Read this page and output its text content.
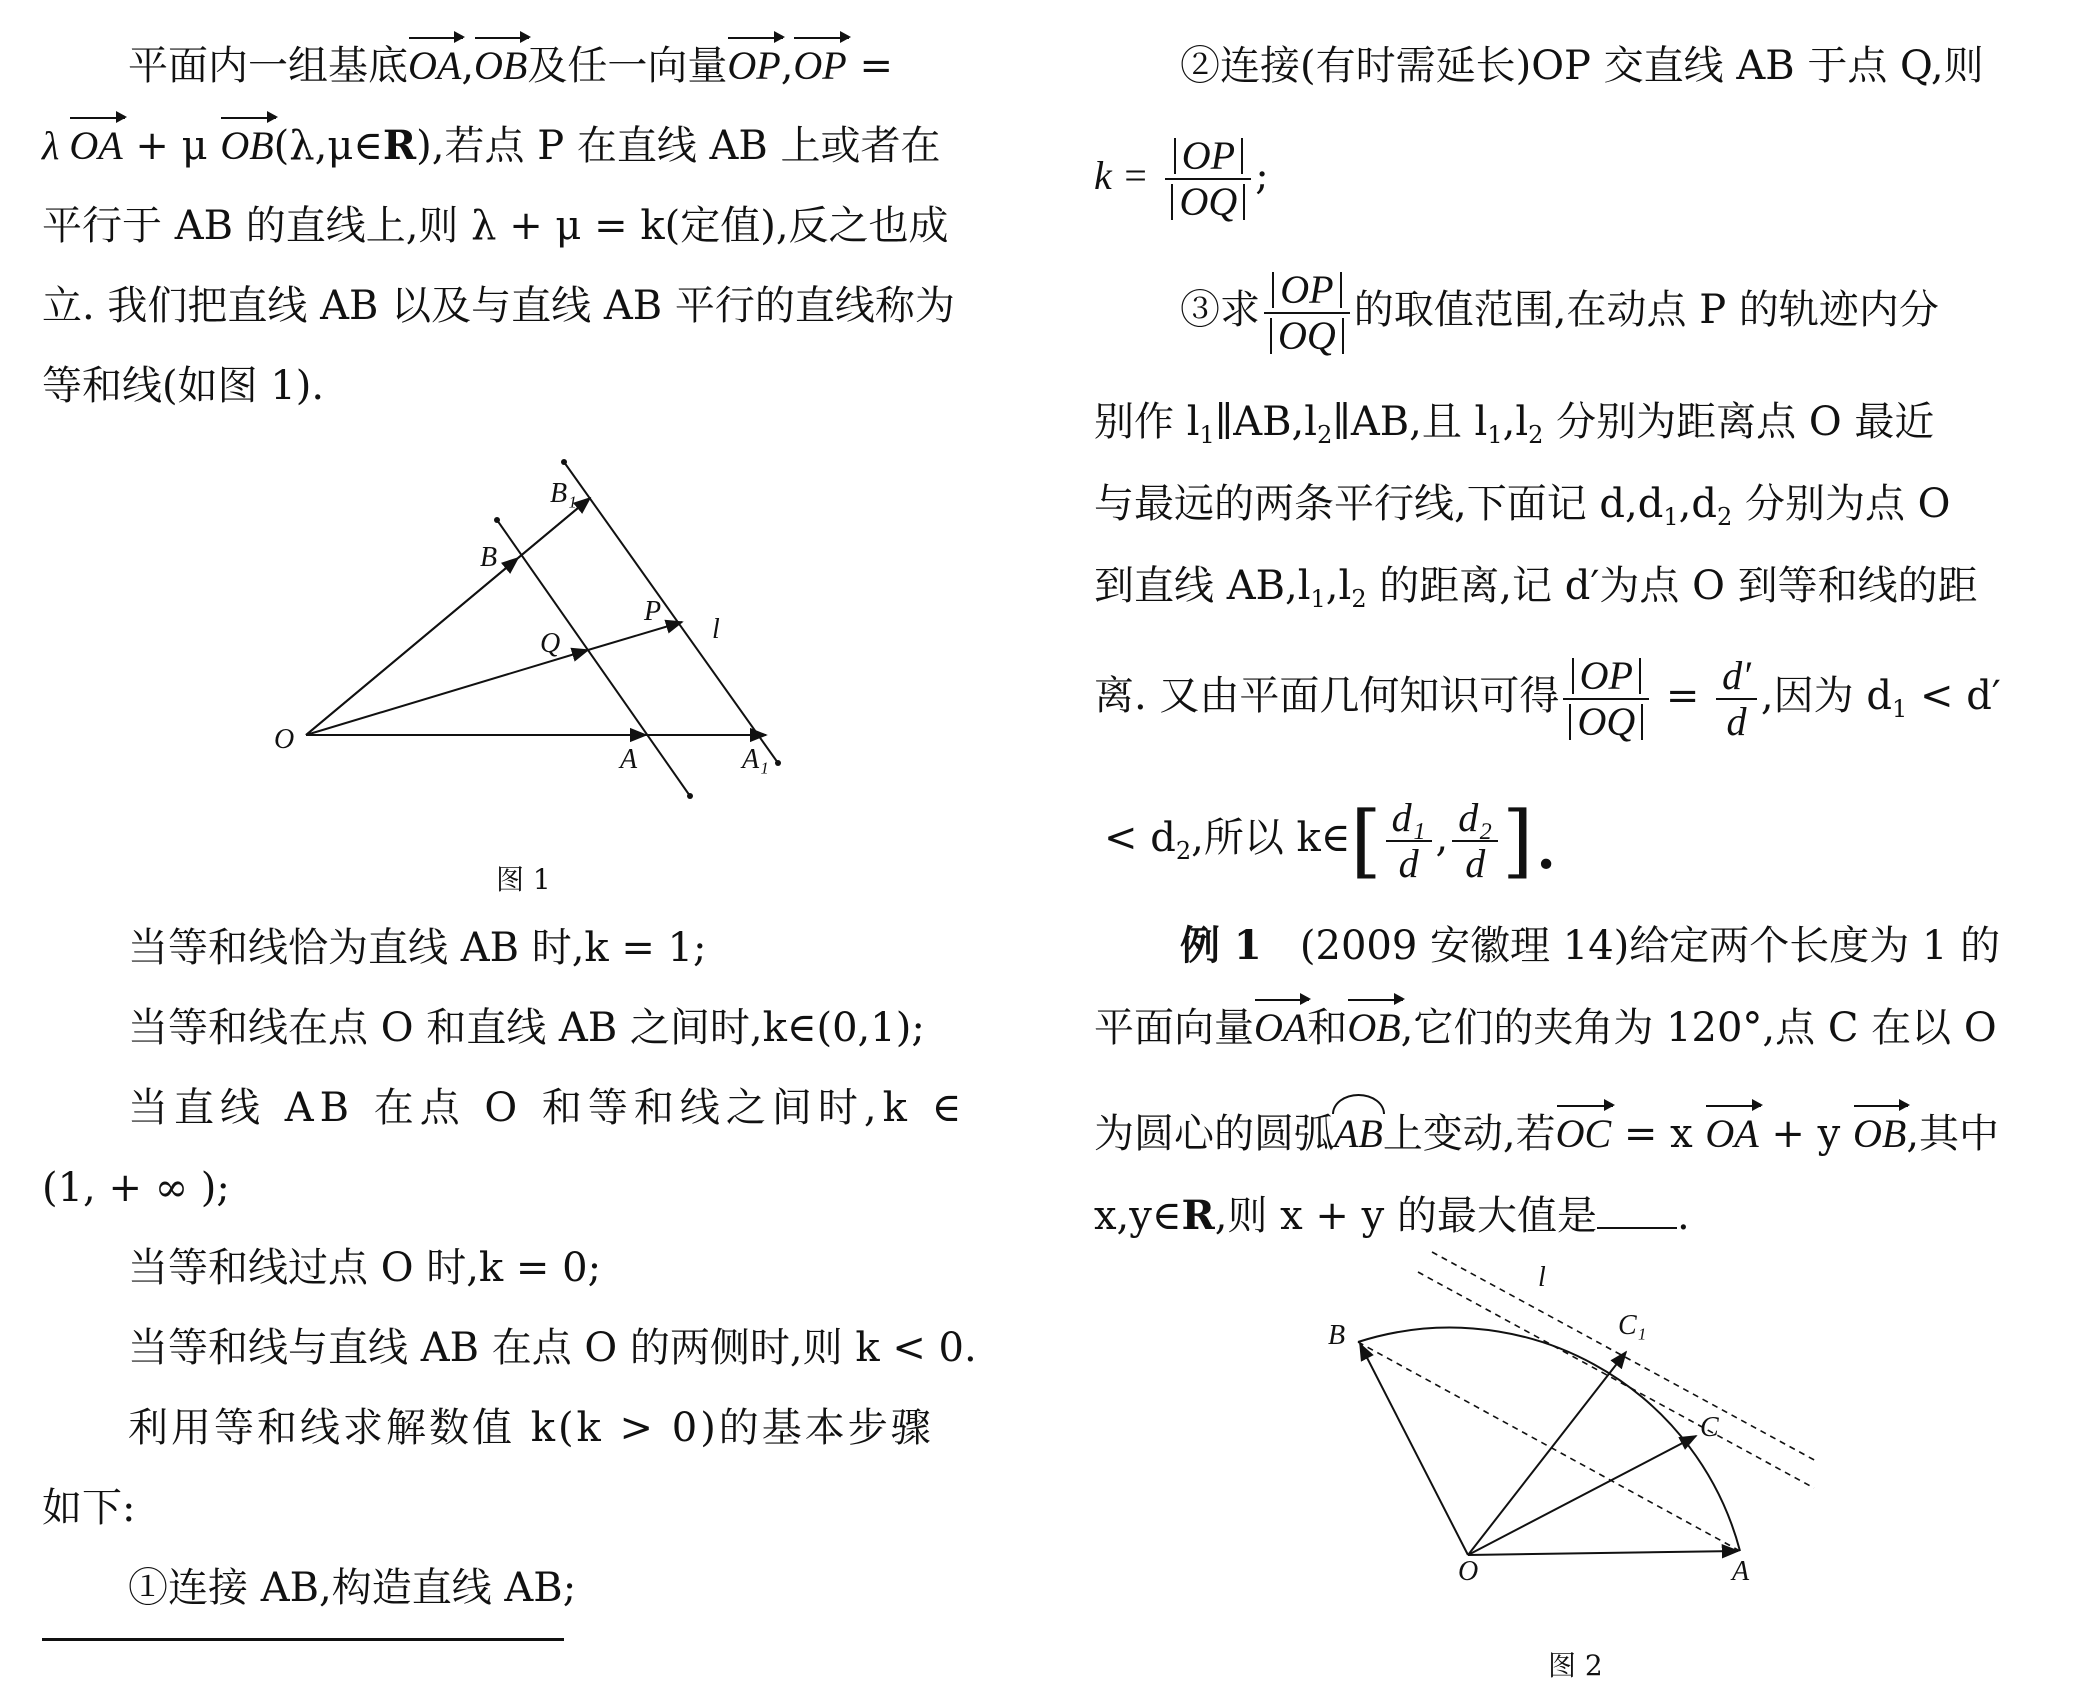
平面内一组基底OA,OB及任一向量OP,OP =
λ OA + μ OB(λ,μ∈R),若点 P 在直线 AB 上或者在
平行于 AB 的直线上,则 λ + μ = k(定值),反之也成
立. 我们把直线 AB 以及与直线 AB 平行的直线称为
等和线(如图 1).
O
A	A₁
B
B₁
Q
P
l
图 1
当等和线恰为直线 AB 时,k = 1;
当等和线在点 O 和直线 AB 之间时,k∈(0,1);
当直线 AB 在点 O 和等和线之间时,k ∈
(1, + ∞ );
当等和线过点 O 时,k = 0;
当等和线与直线 AB 在点 O 的两侧时,则 k < 0.
利用等和线求解数值 k(k > 0)的基本步骤
如下:
①连接 AB,构造直线 AB;
②连接(有时需延长)OP 交直线 AB 于点 Q,则
$k = \frac{OP}{OQ}$ ;
③求 $\frac{OP}{OQ}$ 的取值范围,在动点 P 的轨迹内分
别作 $l_1\parallel AB,l_2\parallel AB$,且 $l_1,l_2$ 分别为距离点 O 最近
与最远的两条平行线,下面记 $d,d_1,d_2$ 分别为点 O
到直线 $AB,l_1,l_2$ 的距离,记 d′为点 O 到等和线的距
离. 又由平面几何知识可得 $\frac{OP}{OQ} = \frac{d'}{d}$ ,因为 $d_1 < d'$
< $d_2$,所以 k∈[ $\frac{\text{d₁}}{d}$ , $\frac{\text{d₂}}{d}$ ].
例 1 (2009 安徽理 14)给定两个长度为 1 的
平面向量OA和OB,它们的夹角为 120°,点 C 在以 O
为圆心的圆弧AB上变动,若OC = x OA + y OB,其中
x,y∈R,则 x + y 的最大值是 .
O	A
B
C
C₁
l
图 2
